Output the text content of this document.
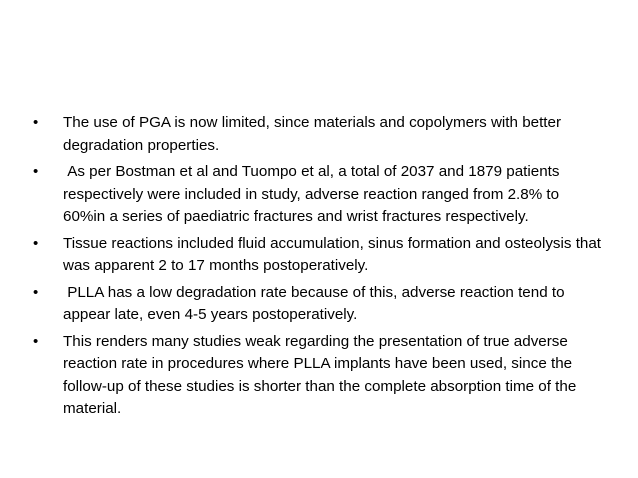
• The use of PGA is now limited, since materials and copolymers with better degradation properties.
• As per Bostman et al and Tuompo et al, a total of 2037 and 1879 patients respectively were included in study, adverse reaction ranged from 2.8% to 60%in a series of paediatric fractures and wrist fractures respectively.
• Tissue reactions included fluid accumulation, sinus formation and osteolysis that was apparent 2 to 17 months postoperatively.
• PLLA has a low degradation rate because of this, adverse reaction tend to appear late, even 4-5 years postoperatively.
• This renders many studies weak regarding the presentation of true adverse reaction rate in procedures where PLLA implants have been used, since the follow-up of these studies is shorter than the complete absorption time of the material.
